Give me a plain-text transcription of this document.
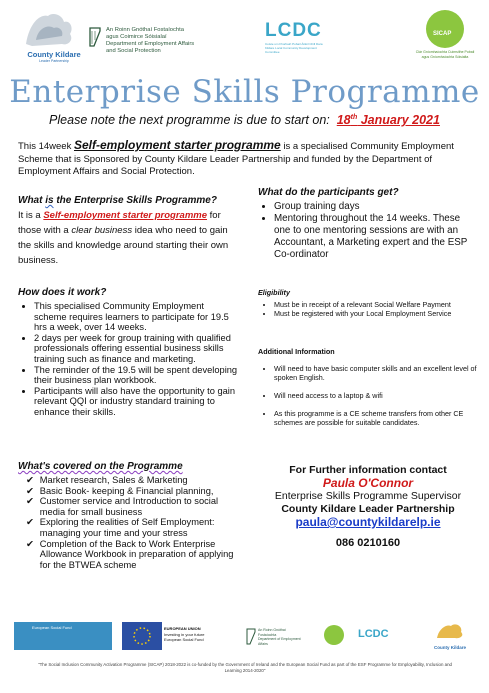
County Kildare
Leader Partnership
An Roinn Gnóthaí Fostaíochta
agus Coimirce Sóisialaí
Department of Employment Affairs
and Social Protection
LCDC
Coiste um Fhorbairt Pobail Áitiúil Chill Dara
Kildare Local Community Development
Committee
SICAP
Clár Gníomhaíochta Cuimsithe Pobail
agus Gníomhaíochta Sóisialta
Enterprise Skills Programme
Please note the next programme is due to start on: 18th January 2021
This 14week Self-employment starter programme is a specialised Community Employment Scheme that is Sponsored by County Kildare Leader Partnership and funded by the Department of Employment Affairs and Social Protection.
What is the Enterprise Skills Programme?
It is a Self-employment starter programme for those with a clear business idea who need to gain the skills and knowledge around starting their own business.
What do the participants get?
• Group training days
• Mentoring throughout the 14 weeks. These one to one mentoring sessions are with an Accountant, a Marketing expert and the ESP Co-ordinator
How does it work?
• This specialised Community Employment scheme requires learners to participate for 19.5 hrs a week, over 14 weeks.
• 2 days per week for group training with qualified professionals offering essential business skills training such as finance and marketing.
• The reminder of the 19.5 will be spent developing their business plan workbook.
• Participants will also have the opportunity to gain relevant QQI or industry standard training to enhance their skills.
Eligibility
• Must be in receipt of a relevant Social Welfare Payment
• Must be registered with your Local Employment Service
Additional Information
• Will need to have basic computer skills and an excellent level of spoken English.
• Will need access to a laptop & wifi
• As this programme is a CE scheme transfers from other CE schemes are possible for suitable candidates.
What's covered on the Programme
✔ Market research, Sales & Marketing
✔ Basic Book- keeping & Financial planning,
✔ Customer service and Introduction to social media for small business
✔ Exploring the realities of Self Employment: managing your time and your stress
✔ Completion of the Back to Work Enterprise Allowance Workbook in preparation of applying for the BTWEA scheme
For Further information contact
Paula O'Connor
Enterprise Skills Programme Supervisor
County Kildare Leader Partnership
paula@countykildarelp.ie
086 0210160
European Social Fund	EUROPEAN UNION
Investing in your future
European Social Fund
An Roinn Gnóthaí Fostaíochta
Department of Employment Affairs
LCDC
County Kildare
"The Social Inclusion Community Activation Programme (SICAP) 2018-2022 is co-funded by the Government of Ireland and the European Social Fund as part of the ESF Programme for Employability, Inclusion and Learning 2014-2020"
